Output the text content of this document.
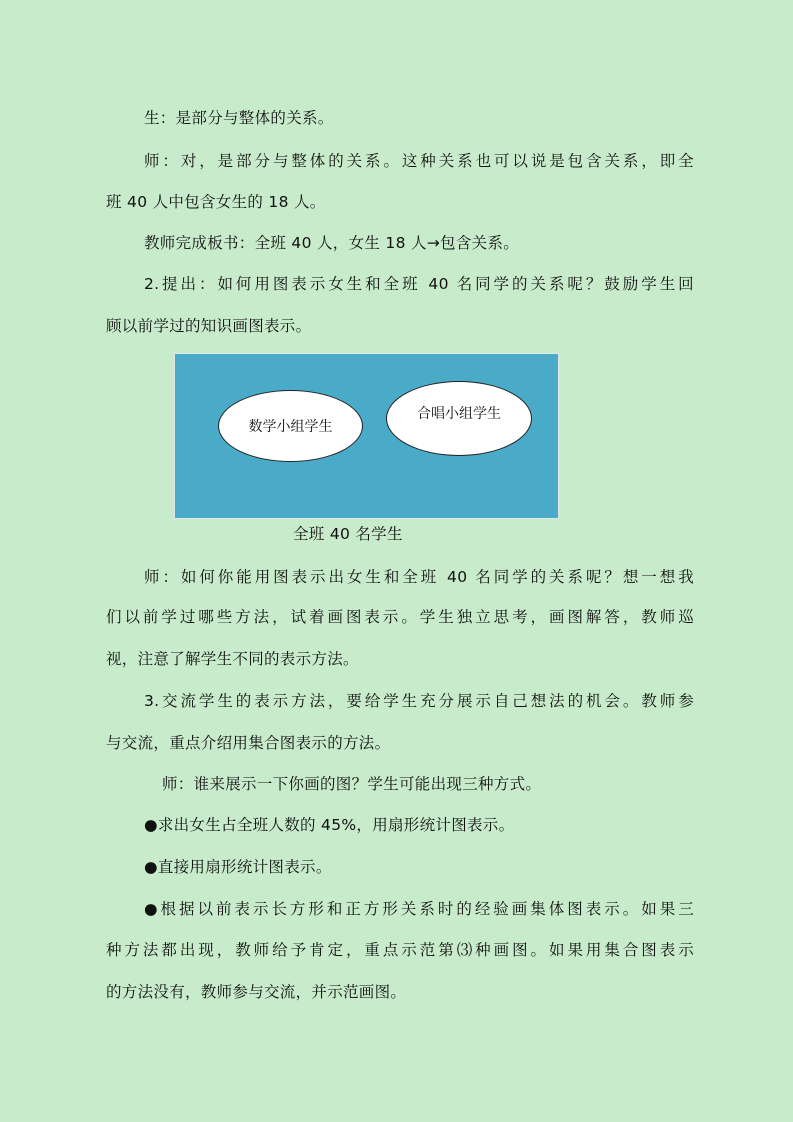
生：是部分与整体的关系。
师：对，是部分与整体的关系。这种关系也可以说是包含关系，即全
班 40 人中包含女生的 18 人。
教师完成板书：全班 40 人，女生 18 人→包含关系。
2.提出：如何用图表示女生和全班 40 名同学的关系呢？鼓励学生回
顾以前学过的知识画图表示。
数学小组学生
合唱小组学生
全班 40 名学生
师：如何你能用图表示出女生和全班 40 名同学的关系呢？想一想我
们以前学过哪些方法，试着画图表示。学生独立思考，画图解答，教师巡
视，注意了解学生不同的表示方法。
3.交流学生的表示方法，要给学生充分展示自己想法的机会。教师参
与交流，重点介绍用集合图表示的方法。
师：谁来展示一下你画的图？学生可能出现三种方式。
●求出女生占全班人数的 45%，用扇形统计图表示。
●直接用扇形统计图表示。
●根据以前表示长方形和正方形关系时的经验画集体图表示。如果三
种方法都出现，教师给予肯定，重点示范第⑶种画图。如果用集合图表示
的方法没有，教师参与交流，并示范画图。
